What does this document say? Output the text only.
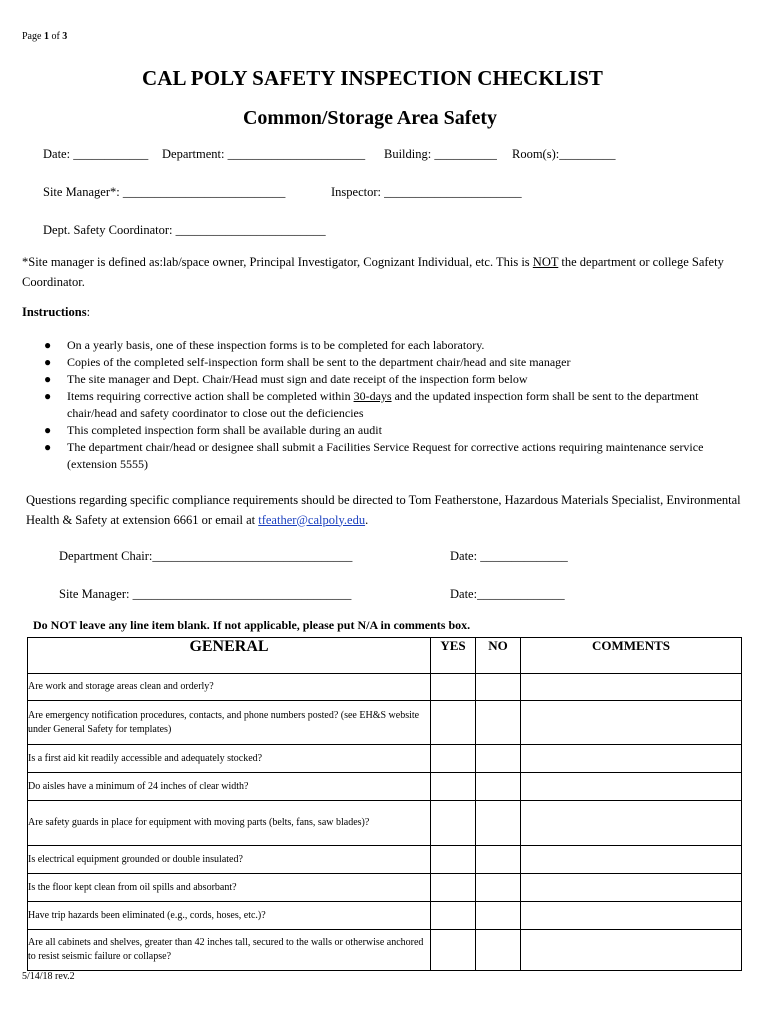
Page 1 of 3
CAL POLY SAFETY INSPECTION CHECKLIST
Common/Storage Area Safety
Date: ____________ Department: ______________________ Building: __________ Room(s):_________
Site Manager*: __________________________	Inspector: ______________________
Dept. Safety Coordinator: ________________________
*Site manager is defined as:lab/space owner, Principal Investigator, Cognizant Individual, etc. This is NOT the department or college Safety Coordinator.
Instructions:
● On a yearly basis, one of these inspection forms is to be completed for each laboratory.
● Copies of the completed self-inspection form shall be sent to the department chair/head and site manager
● The site manager and Dept. Chair/Head must sign and date receipt of the inspection form below
● Items requiring corrective action shall be completed within 30-days and the updated inspection form shall be sent to the department chair/head and safety coordinator to close out the deficiencies
● This completed inspection form shall be available during an audit
● The department chair/head or designee shall submit a Facilities Service Request for corrective actions requiring maintenance service (extension 5555)
Questions regarding specific compliance requirements should be directed to Tom Featherstone, Hazardous Materials Specialist, Environmental Health & Safety at extension 6661 or email at tfeather@calpoly.edu.
Department Chair:________________________________	Date: ______________
Site Manager: ___________________________________	Date:______________
Do NOT leave any line item blank. If not applicable, please put N/A in comments box.
GENERAL	YES	NO	COMMENTS
Are work and storage areas clean and orderly?			
Are emergency notification procedures, contacts, and phone numbers posted? (see EH&S website under General Safety for templates)			
Is a first aid kit readily accessible and adequately stocked?			
Do aisles have a minimum of 24 inches of clear width?			
Are safety guards in place for equipment with moving parts (belts, fans, saw blades)?			
Is electrical equipment grounded or double insulated?			
Is the floor kept clean from oil spills and absorbant?			
Have trip hazards been eliminated (e.g., cords, hoses, etc.)?			
Are all cabinets and shelves, greater than 42 inches tall, secured to the walls or otherwise anchored to resist seismic failure or collapse?			
5/14/18 rev.2
